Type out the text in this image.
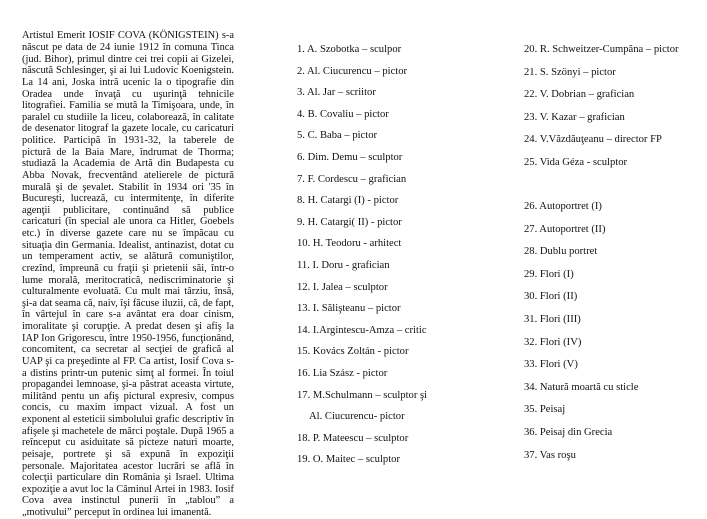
Artistul Emerit IOSIF COVA (KÖNIGSTEIN) s-a născut pe data de 24 iunie 1912 în comuna Tinca (jud. Bihor), primul dintre cei trei copii ai Gizelei, născută Schlesinger, şi ai lui Ludovic Koenigstein. La 14 ani, Joska intră ucenic la o tipografie din Oradea unde învaţă cu uşurinţă tehnicile litografiei. Familia se mută la Timişoara, unde, în paralel cu studiile la liceu, colaborează, în calitate de desenator litograf la gazete locale, cu caricaturi politice. Participă în 1931-32, la taberele de pictură de la Baia Mare, îndrumat de Thorma; studiază la Academia de Artă din Budapesta cu Abba Novak, frecventând atelierele de pictură murală şi de şevalet. Stabilit în 1934 ori '35 în Bucureşti, lucrează, cu intermitenţe, în diferite agenţii publicitare, continuând să publice caricaturi (în special ale unora ca Hitler, Goebels etc.) în diverse gazete care nu se împăcau cu situaţia din Germania. Idealist, antinazist, dotat cu un temperament activ, se alătură comuniştilor, crezînd, împreună cu fraţii şi prietenii săi, într-o lume morală, meritocratică, nediscriminatorie şi culturalmente evoluată. Cu mult mai târziu, însă, şi-a dat seama că, naiv, îşi făcuse iluzii, că, de fapt, în vârtejul în care s-a avântat era doar cinism, imoralitate şi corupţie. A predat desen şi afiş la IAP Ion Grigorescu, între 1950-1956, funcţionând, concomitent, ca secretar al secţiei de grafică al UAP şi ca preşedinte al FP. Ca artist, Iosif Cova s-a distins printr-un putenic simţ al formei. În toiul propagandei lemnoase, şi-a păstrat aceasta virtute, militând pentu un afiş pictural expresiv, compus concis, cu maxim impact vizual. A fost un exponent al esteticii simbolului grafic descriptiv în afişele şi machetele de mărci poştale. După 1965 a reînceput cu asiduitate să picteze naturi moarte, peisaje, portrete şi să expună în expoziţii personale. Majoritatea acestor lucrări se află în colecţii particulare din România şi Israel. Ultima expoziţie a avut loc la Căminul Artei in 1983. Iosif Cova avea instinctul punerii în „tablou” a „motivului” perceput în ordinea lui imanentă.

1. A. Szobotka – sculpor
2. Al. Ciucurencu – pictor
3. Al. Jar – scriitor
4. B. Covaliu – pictor
5. C. Baba – pictor
6. Dim. Demu – sculptor
7. F. Cordescu – grafician
8. H. Catargi (I) - pictor
9. H. Catargi( II) - pictor
10. H. Teodoru - arhitect
11. I. Doru - grafician
12. I. Jalea – sculptor
13. I. Sălişteanu – pictor
14. I.Argintescu-Amza – critic
15. Kovács Zoltán - pictor
16. Lia Szász - pictor
17. M.Schulmann – sculptor şi
Al. Ciucurencu- pictor
18. P. Mateescu – sculptor
19. O. Maitec – sculptor
20. R. Schweitzer-Cumpăna – pictor
21. S. Szönyi – pictor
22. V. Dobrian – grafician
23. V. Kazar – grafician
24. V.Văzdăuţeanu – director FP
25. Vida Géza - sculptor
26. Autoportret (I)
27. Autoportret (II)
28. Dublu portret
29. Flori (I)
30. Flori (II)
31. Flori (III)
32. Flori (IV)
33. Flori (V)
34. Natură moartă cu sticle
35. Peisaj
36. Peisaj din Grecia
37. Vas roşu
